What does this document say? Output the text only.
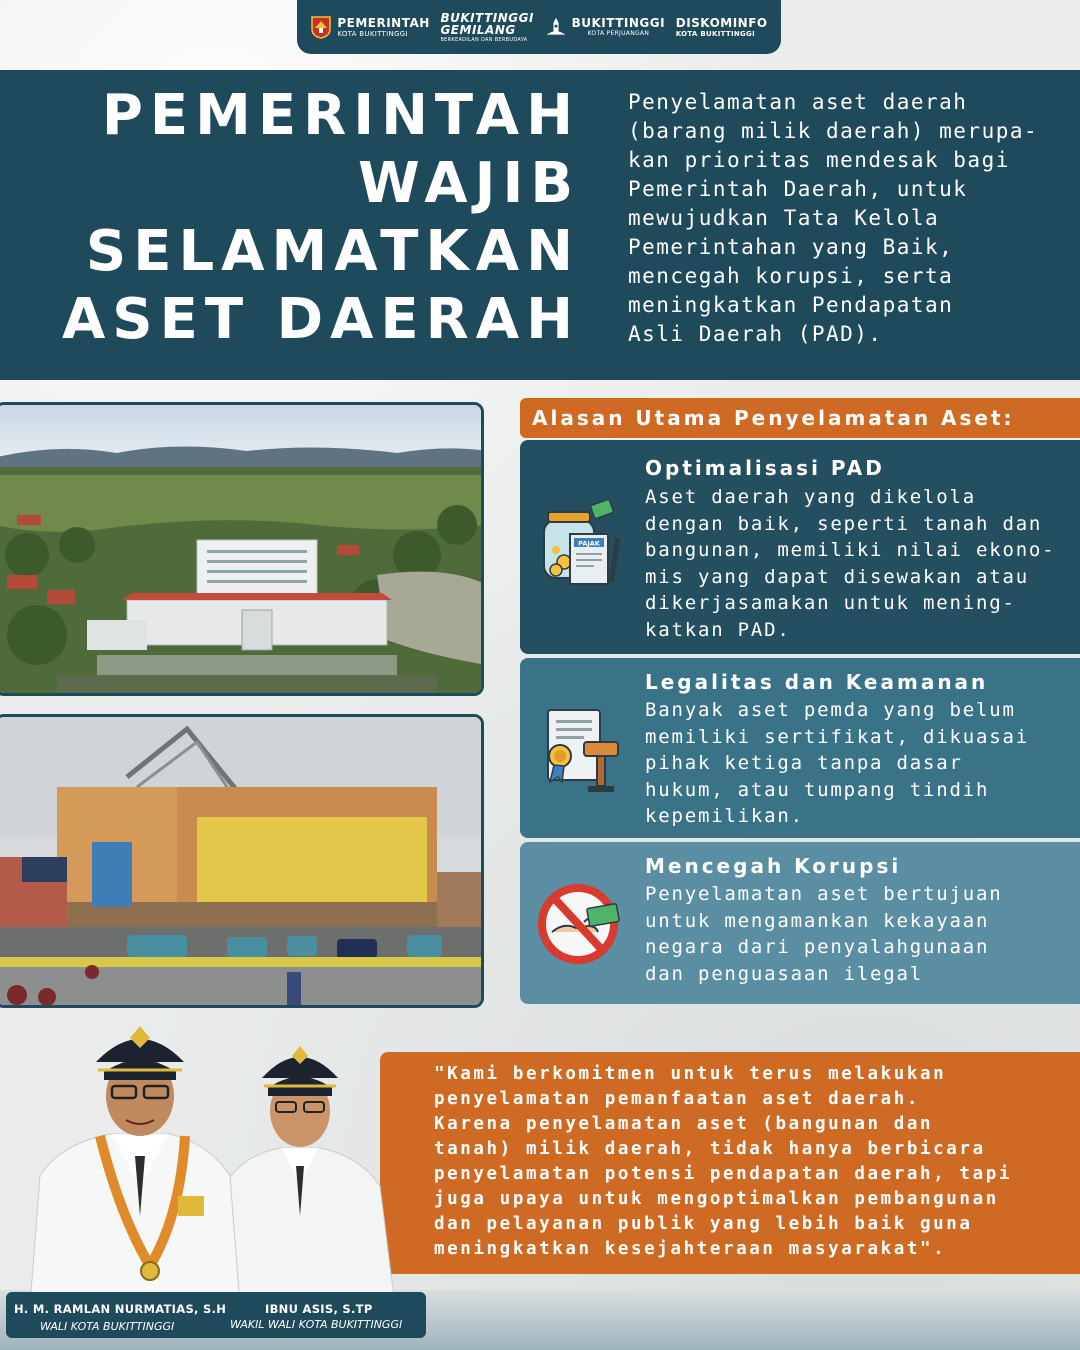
PEMERINTAH
KOTA BUKITTINGGI
BUKITTINGGI
GEMILANG
BERKEADILAN DAN BERBUDAYA
BUKITTINGGI
KOTA PERJUANGAN
DISKOMINFO
KOTA BUKITTINGGI
PEMERINTAH
WAJIB
SELAMATKAN
ASET DAERAH
Penyelamatan aset daerah
(barang milik daerah) merupa-
kan prioritas mendesak bagi
Pemerintah Daerah, untuk
mewujudkan Tata Kelola
Pemerintahan yang Baik,
mencegah korupsi, serta
meningkatkan Pendapatan
Asli Daerah (PAD).
Alasan Utama Penyelamatan Aset:
PAJAK
Optimalisasi PAD
Aset daerah yang dikelola
dengan baik, seperti tanah dan
bangunan, memiliki nilai ekono-
mis yang dapat disewakan atau
dikerjasamakan untuk mening-
katkan PAD.
Legalitas dan Keamanan
Banyak aset pemda yang belum
memiliki sertifikat, dikuasai
pihak ketiga tanpa dasar
hukum, atau tumpang tindih
kepemilikan.
Mencegah Korupsi
Penyelamatan aset bertujuan
untuk mengamankan kekayaan
negara dari penyalahgunaan
dan penguasaan ilegal
"Kami berkomitmen untuk terus melakukan
penyelamatan pemanfaatan aset daerah.
Karena penyelamatan aset (bangunan dan
tanah) milik daerah, tidak hanya berbicara
penyelamatan potensi pendapatan daerah, tapi
juga upaya untuk mengoptimalkan pembangunan
dan pelayanan publik yang lebih baik guna
meningkatkan kesejahteraan masyarakat".
H. M. RAMLAN NURMATIAS, S.H
WALI KOTA BUKITTINGGI
IBNU ASIS, S.TP
WAKIL WALI KOTA BUKITTINGGI
